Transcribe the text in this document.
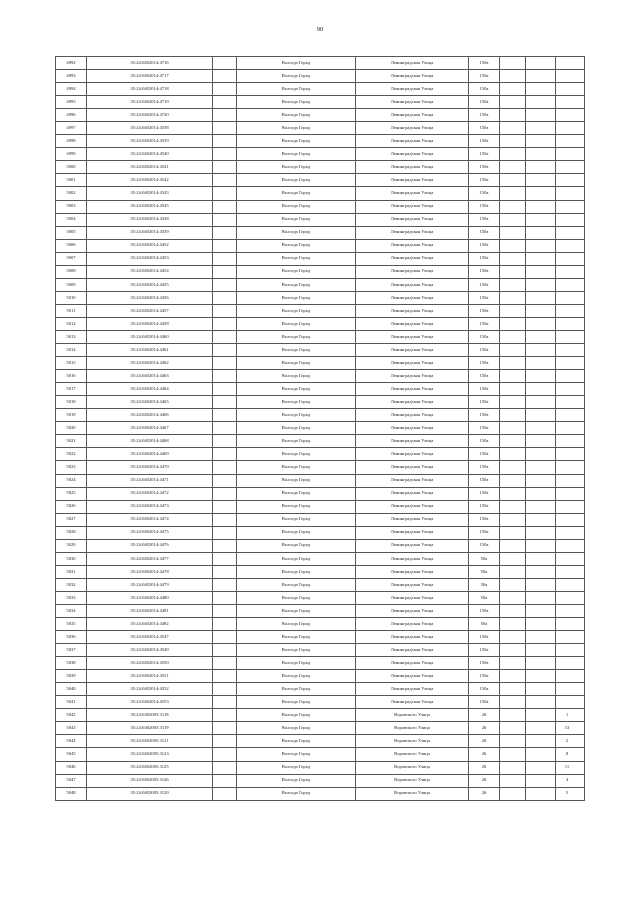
90
4992	35:24:0402014:4716		Вологда Город	Ленинградская Улица	150а			
4993	35:24:0402014:4717		Вологда Город	Ленинградская Улица	150а			
4994	35:24:0402014:4718		Вологда Город	Ленинградская Улица	150а			
4995	35:24:0402014:4719		Вологда Город	Ленинградская Улица	150а			
4996	35:24:0402014:4720		Вологда Город	Ленинградская Улица	150а			
4997	35:24:0402014:4538		Вологда Город	Ленинградская Улица	150а			
4998	35:24:0402014:4539		Вологда Город	Ленинградская Улица	150а			
4999	35:24:0402014:4540		Вологда Город	Ленинградская Улица	150а			
5000	35:24:0402014:4541		Вологда Город	Ленинградская Улица	150а			
5001	35:24:0402014:4542		Вологда Город	Ленинградская Улица	150а			
5002	35:24:0402014:4543		Вологда Город	Ленинградская Улица	150а			
5003	35:24:0402014:4545		Вологда Город	Ленинградская Улица	150а			
5004	35:24:0402014:4338		Вологда Город	Ленинградская Улица	150а			
5005	35:24:0402014:4339		Вологда Город	Ленинградская Улица	150а			
5006	35:24:0402014:4452		Вологда Город	Ленинградская Улица	150а			
5007	35:24:0402014:4453		Вологда Город	Ленинградская Улица	150а			
5008	35:24:0402014:4454		Вологда Город	Ленинградская Улица	150а			
5009	35:24:0402014:4455		Вологда Город	Ленинградская Улица	150а			
5010	35:24:0402014:4456		Вологда Город	Ленинградская Улица	150а			
5011	35:24:0402014:4457		Вологда Город	Ленинградская Улица	150а			
5012	35:24:0402014:4458		Вологда Город	Ленинградская Улица	150а			
5013	35:24:0402014:4460		Вологда Город	Ленинградская Улица	150а			
5014	35:24:0402014:4461		Вологда Город	Ленинградская Улица	150а			
5015	35:24:0402014:4462		Вологда Город	Ленинградская Улица	150а			
5016	35:24:0402014:4463		Вологда Город	Ленинградская Улица	150а			
5017	35:24:0402014:4464		Вологда Город	Ленинградская Улица	150а			
5018	35:24:0402014:4465		Вологда Город	Ленинградская Улица	150а			
5019	35:24:0402014:4466		Вологда Город	Ленинградская Улица	150а			
5020	35:24:0402014:4467		Вологда Город	Ленинградская Улица	150а			
5021	35:24:0402014:4468		Вологда Город	Ленинградская Улица	150а			
5022	35:24:0402014:4469		Вологда Город	Ленинградская Улица	150а			
5023	35:24:0402014:4470		Вологда Город	Ленинградская Улица	150а			
5024	35:24:0402014:4471		Вологда Город	Ленинградская Улица	150а			
5025	35:24:0402014:4472		Вологда Город	Ленинградская Улица	150а			
5026	35:24:0402014:4473		Вологда Город	Ленинградская Улица	150а			
5027	35:24:0402014:4474		Вологда Город	Ленинградская Улица	150а			
5028	35:24:0402014:4475		Вологда Город	Ленинградская Улица	150а			
5029	35:24:0402014:4476		Вологда Город	Ленинградская Улица	150а			
5030	35:24:0402014:4477		Вологда Город	Ленинградская Улица	50а			
5031	35:24:0402014:4478		Вологда Город	Ленинградская Улица	50а			
5032	35:24:0402014:4479		Вологда Город	Ленинградская Улица	50а			
5033	35:24:0402014:4480		Вологда Город	Ленинградская Улица	50а			
5034	35:24:0402014:4481		Вологда Город	Ленинградская Улица	150а			
5035	35:24:0402014:4482		Вологда Город	Ленинградская Улица	50а			
5036	35:24:0402014:4547		Вологда Город	Ленинградская Улица	150а			
5037	35:24:0402014:4549		Вологда Город	Ленинградская Улица	150а			
5038	35:24:0402014:4550		Вологда Город	Ленинградская Улица	150а			
5039	35:24:0402014:4551		Вологда Город	Ленинградская Улица	150а			
5040	35:24:0402014:4552		Вологда Город	Ленинградская Улица	150а			
5041	35:24:0402014:4553		Вологда Город	Ленинградская Улица	150а			
5042	35:24:0402005:3118		Вологда Город	Воровского Улица	26			1
5043	35:24:0402005:3119		Вологда Город	Воровского Улица	26			13
5044	35:24:0402005:3121		Вологда Город	Воровского Улица	26			2
5045	35:24:0402005:3123		Вологда Город	Воровского Улица	26			8
5046	35:24:0402005:3125		Вологда Город	Воровского Улица	26			11
5047	35:24:0402005:3126		Вологда Город	Воровского Улица	26			4
5048	35:24:0402005:3129		Вологда Город	Воровского Улица	26			5
